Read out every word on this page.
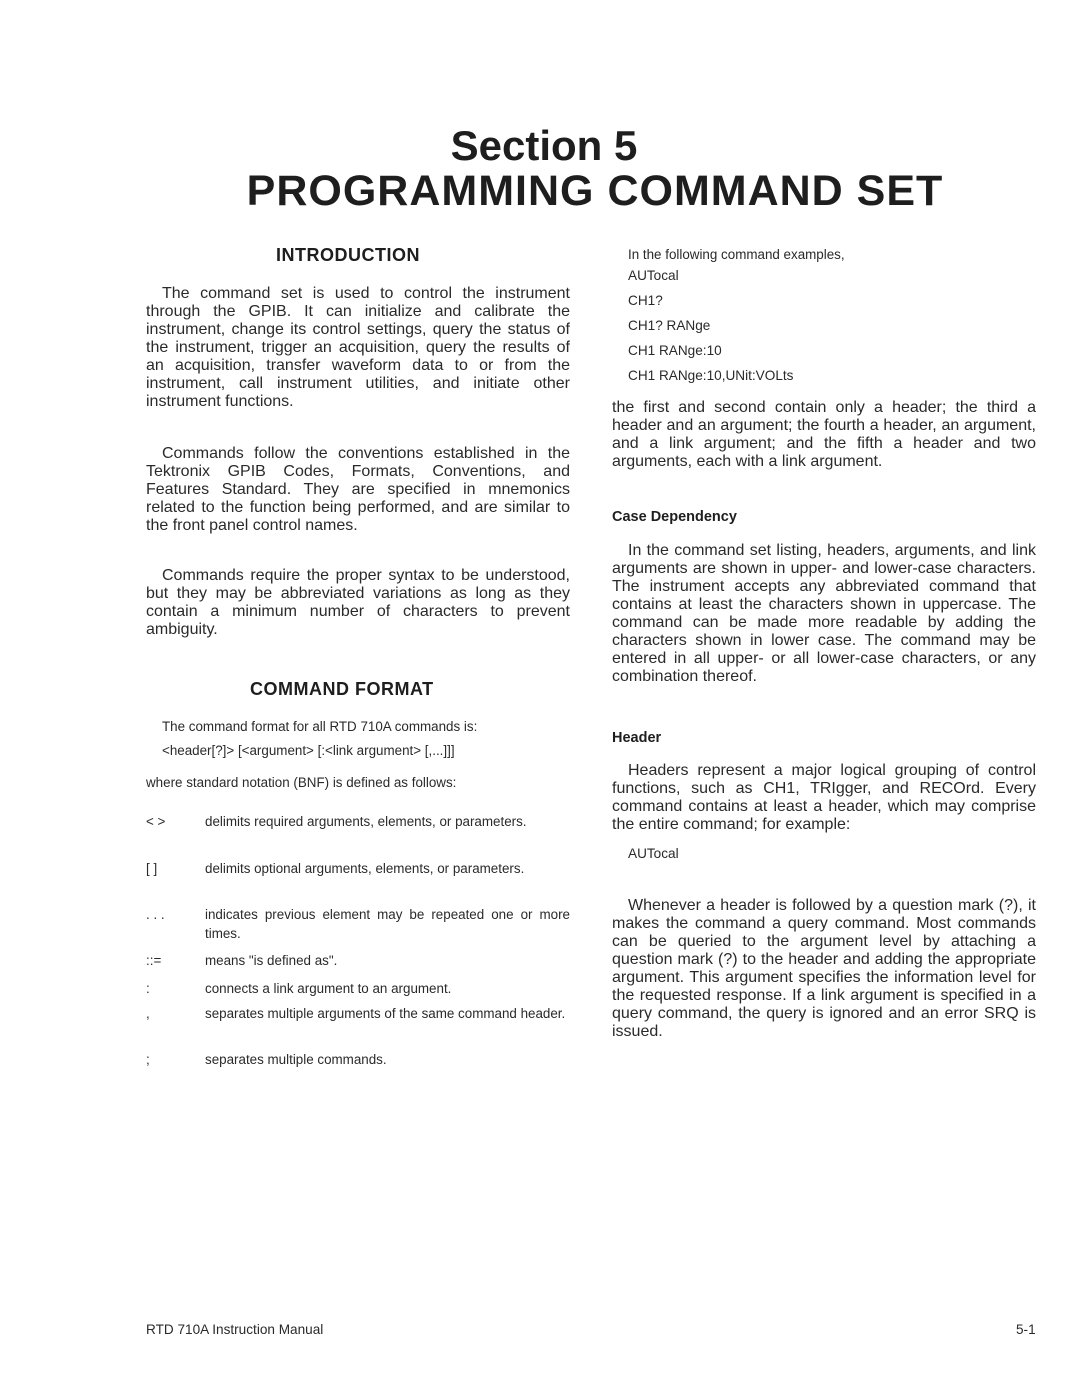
Section 5
PROGRAMMING COMMAND SET
INTRODUCTION

The command set is used to control the instrument through the GPIB. It can initialize and calibrate the instrument, change its control settings, query the status of the instrument, trigger an acquisition, query the results of an acquisition, transfer waveform data to or from the instrument, call instrument utilities, and initiate other instrument functions.

Commands follow the conventions established in the Tektronix GPIB Codes, Formats, Conventions, and Features Standard. They are specified in mnemonics related to the function being performed, and are similar to the front panel control names.

Commands require the proper syntax to be understood, but they may be abbreviated variations as long as they contain a minimum number of characters to prevent ambiguity.

COMMAND FORMAT

The command format for all RTD 710A commands is:

<header[?]> [<argument> [:<link argument> [,...]]]

where standard notation (BNF) is defined as follows:

< >	delimits required arguments, elements, or parameters.
[ ]	delimits optional arguments, elements, or parameters.
. . .	indicates previous element may be repeated one or more times.
::=	means "is defined as".
:	connects a link argument to an argument.
,	separates multiple arguments of the same command header.
;	separates multiple commands.

In the following command examples,

AUTocal

CH1?

CH1? RANge

CH1 RANge:10

CH1 RANge:10,UNit:VOLts

the first and second contain only a header; the third a header and an argument; the fourth a header, an argument, and a link argument; and the fifth a header and two arguments, each with a link argument.

Case Dependency

In the command set listing, headers, arguments, and link arguments are shown in upper- and lower-case characters. The instrument accepts any abbreviated command that contains at least the characters shown in uppercase. The command can be made more readable by adding the characters shown in lower case. The command may be entered in all upper- or all lower-case characters, or any combination thereof.

Header

Headers represent a major logical grouping of control functions, such as CH1, TRIgger, and RECOrd. Every command contains at least a header, which may comprise the entire command; for example:

AUTocal

Whenever a header is followed by a question mark (?), it makes the command a query command. Most commands can be queried to the argument level by attaching a question mark (?) to the header and adding the appropriate argument. This argument specifies the information level for the requested response. If a link argument is specified in a query command, the query is ignored and an error SRQ is issued.

RTD 710A Instruction Manual	5-1
